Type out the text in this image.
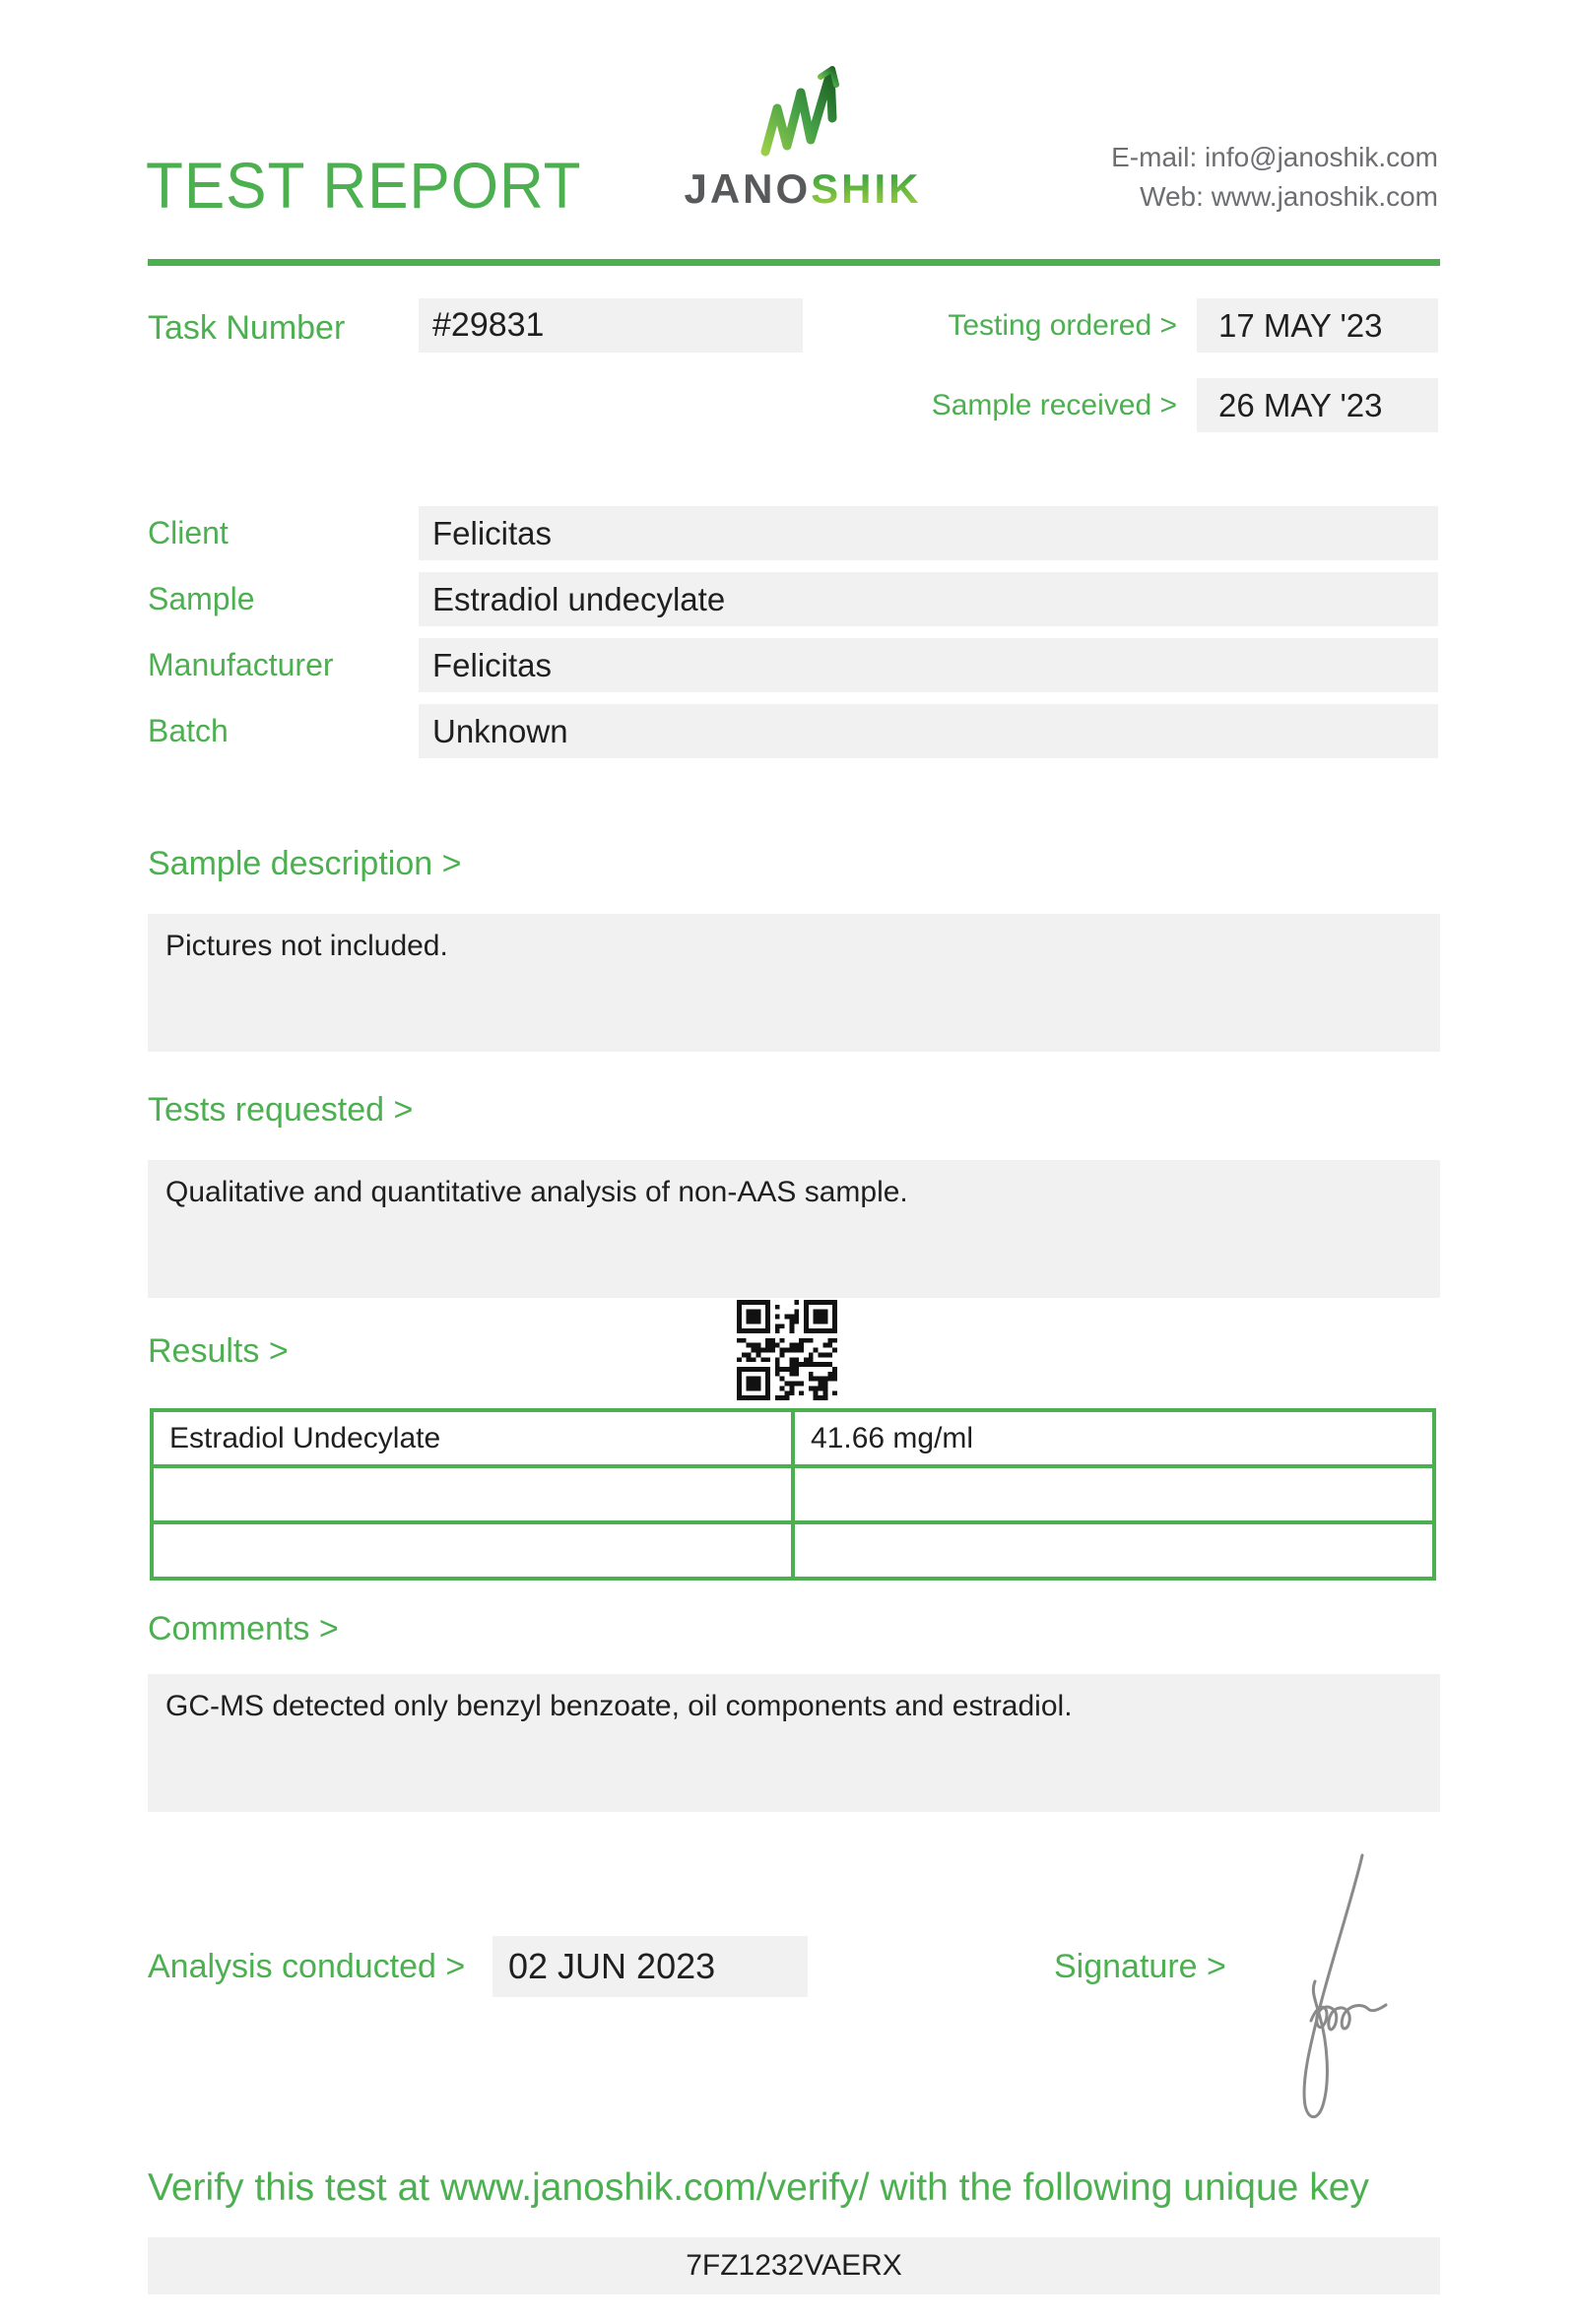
TEST REPORT	JANOSHIK
E-mail: info@janoshik.com
Web: www.janoshik.com
Task Number	#29831	Testing ordered >	17 MAY '23
Sample received >	26 MAY '23
Client	Felicitas
Sample	Estradiol undecylate
Manufacturer	Felicitas
Batch	Unknown
Sample description >
Pictures not included.
Tests requested >
Qualitative and quantitative analysis of non-AAS sample.
Results >
Estradiol Undecylate	41.66 mg/ml

Comments >
GC-MS detected only benzyl benzoate, oil components and estradiol.
Analysis conducted >	02 JUN 2023	Signature >
Verify this test at www.janoshik.com/verify/ with the following unique key
7FZ1232VAERX
